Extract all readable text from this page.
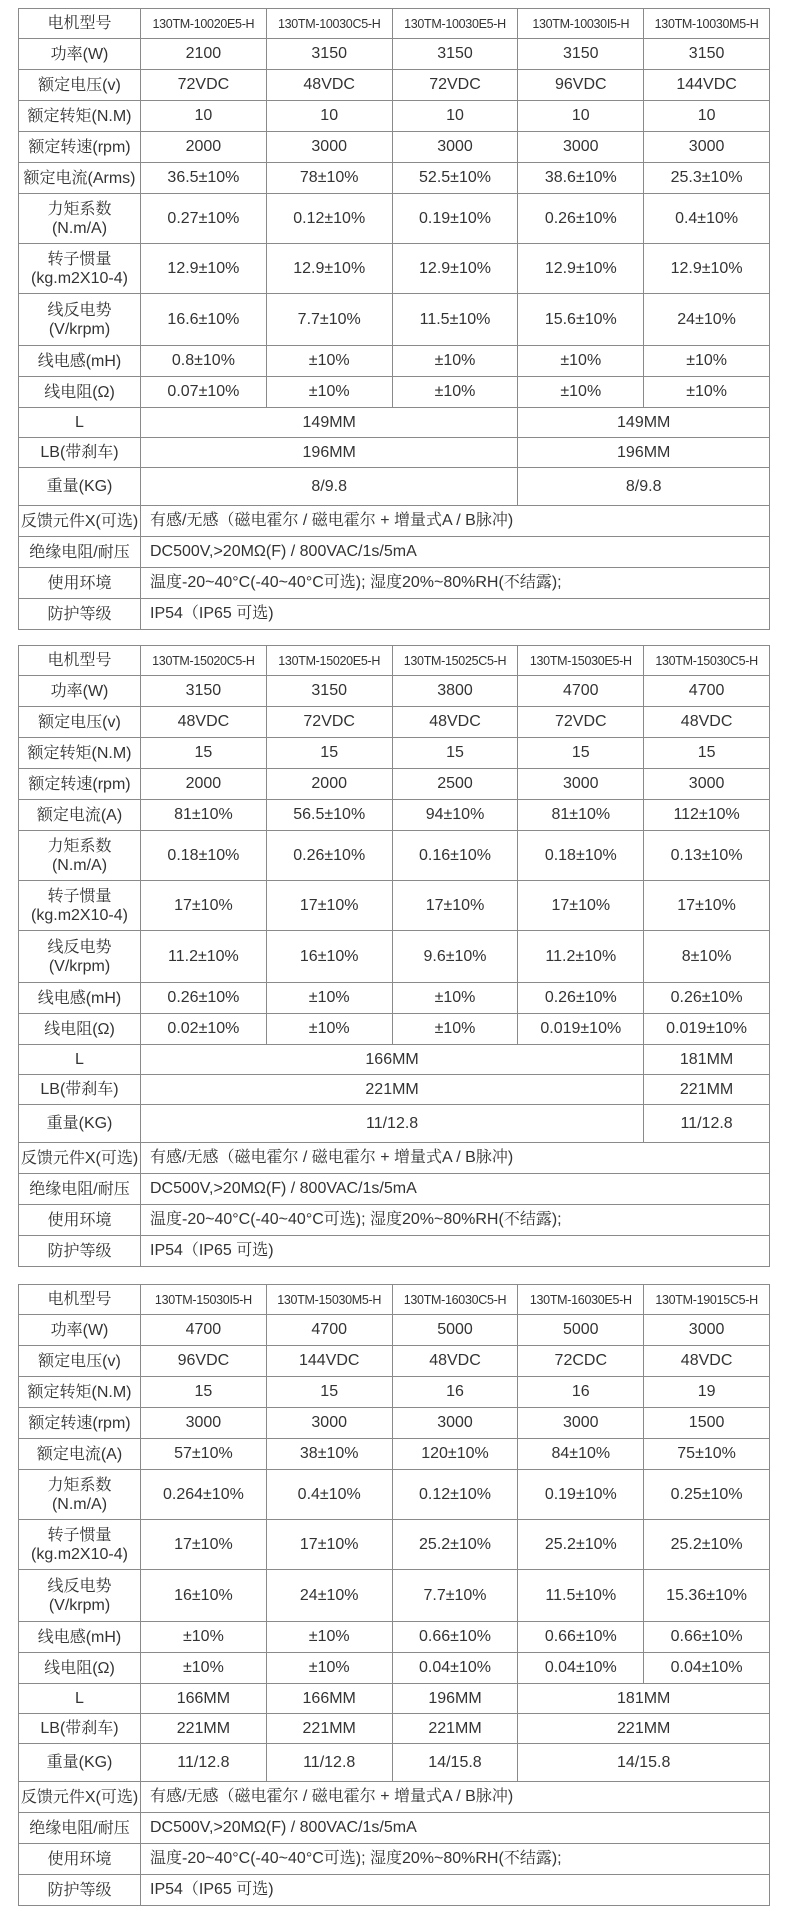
电机型号	130TM-10020E5-H	130TM-10030C5-H	130TM-10030E5-H	130TM-10030I5-H	130TM-10030M5-H
功率(W)	2100	3150	3150	3150	3150
额定电压(v)	72VDC	48VDC	72VDC	96VDC	144VDC
额定转矩(N.M)	10	10	10	10	10
额定转速(rpm)	2000	3000	3000	3000	3000
额定电流(Arms)	36.5±10%	78±10%	52.5±10%	38.6±10%	25.3±10%
力矩系数
(N.m/A)	0.27±10%	0.12±10%	0.19±10%	0.26±10%	0.4±10%
转子惯量
(kg.m2X10-4)	12.9±10%	12.9±10%	12.9±10%	12.9±10%	12.9±10%
线反电势
(V/krpm)	16.6±10%	7.7±10%	11.5±10%	15.6±10%	24±10%
线电感(mH)	0.8±10%	±10%	±10%	±10%	±10%
线电阻(Ω)	0.07±10%	±10%	±10%	±10%	±10%
L	149MM			149MM	
LB(带刹车)	196MM			196MM	
重量(KG)	8/9.8			8/9.8	
反馈元件X(可选)	有感/无感（磁电霍尔 / 磁电霍尔 + 增量式A / B脉冲)				
绝缘电阻/耐压	DC500V,>20MΩ(F) / 800VAC/1s/5mA				
使用环境	温度-20~40°C(-40~40°C可选); 湿度20%~80%RH(不结露);				
防护等级	IP54（IP65 可选)				
电机型号	130TM-15020C5-H	130TM-15020E5-H	130TM-15025C5-H	130TM-15030E5-H	130TM-15030C5-H
功率(W)	3150	3150	3800	4700	4700
额定电压(v)	48VDC	72VDC	48VDC	72VDC	48VDC
额定转矩(N.M)	15	15	15	15	15
额定转速(rpm)	2000	2000	2500	3000	3000
额定电流(A)	81±10%	56.5±10%	94±10%	81±10%	112±10%
力矩系数
(N.m/A)	0.18±10%	0.26±10%	0.16±10%	0.18±10%	0.13±10%
转子惯量
(kg.m2X10-4)	17±10%	17±10%	17±10%	17±10%	17±10%
线反电势
(V/krpm)	11.2±10%	16±10%	9.6±10%	11.2±10%	8±10%
线电感(mH)	0.26±10%	±10%	±10%	0.26±10%	0.26±10%
线电阻(Ω)	0.02±10%	±10%	±10%	0.019±10%	0.019±10%
L	166MM				181MM
LB(带刹车)	221MM				221MM
重量(KG)	11/12.8				11/12.8
反馈元件X(可选)	有感/无感（磁电霍尔 / 磁电霍尔 + 增量式A / B脉冲)				
绝缘电阻/耐压	DC500V,>20MΩ(F) / 800VAC/1s/5mA				
使用环境	温度-20~40°C(-40~40°C可选); 湿度20%~80%RH(不结露);				
防护等级	IP54（IP65 可选)				
电机型号	130TM-15030I5-H	130TM-15030M5-H	130TM-16030C5-H	130TM-16030E5-H	130TM-19015C5-H
功率(W)	4700	4700	5000	5000	3000
额定电压(v)	96VDC	144VDC	48VDC	72CDC	48VDC
额定转矩(N.M)	15	15	16	16	19
额定转速(rpm)	3000	3000	3000	3000	1500
额定电流(A)	57±10%	38±10%	120±10%	84±10%	75±10%
力矩系数
(N.m/A)	0.264±10%	0.4±10%	0.12±10%	0.19±10%	0.25±10%
转子惯量
(kg.m2X10-4)	17±10%	17±10%	25.2±10%	25.2±10%	25.2±10%
线反电势
(V/krpm)	16±10%	24±10%	7.7±10%	11.5±10%	15.36±10%
线电感(mH)	±10%	±10%	0.66±10%	0.66±10%	0.66±10%
线电阻(Ω)	±10%	±10%	0.04±10%	0.04±10%	0.04±10%
L	166MM	166MM	196MM	181MM	
LB(带刹车)	221MM	221MM	221MM	221MM	
重量(KG)	11/12.8	11/12.8	14/15.8	14/15.8	
反馈元件X(可选)	有感/无感（磁电霍尔 / 磁电霍尔 + 增量式A / B脉冲)				
绝缘电阻/耐压	DC500V,>20MΩ(F) / 800VAC/1s/5mA				
使用环境	温度-20~40°C(-40~40°C可选); 湿度20%~80%RH(不结露);				
防护等级	IP54（IP65 可选)				
